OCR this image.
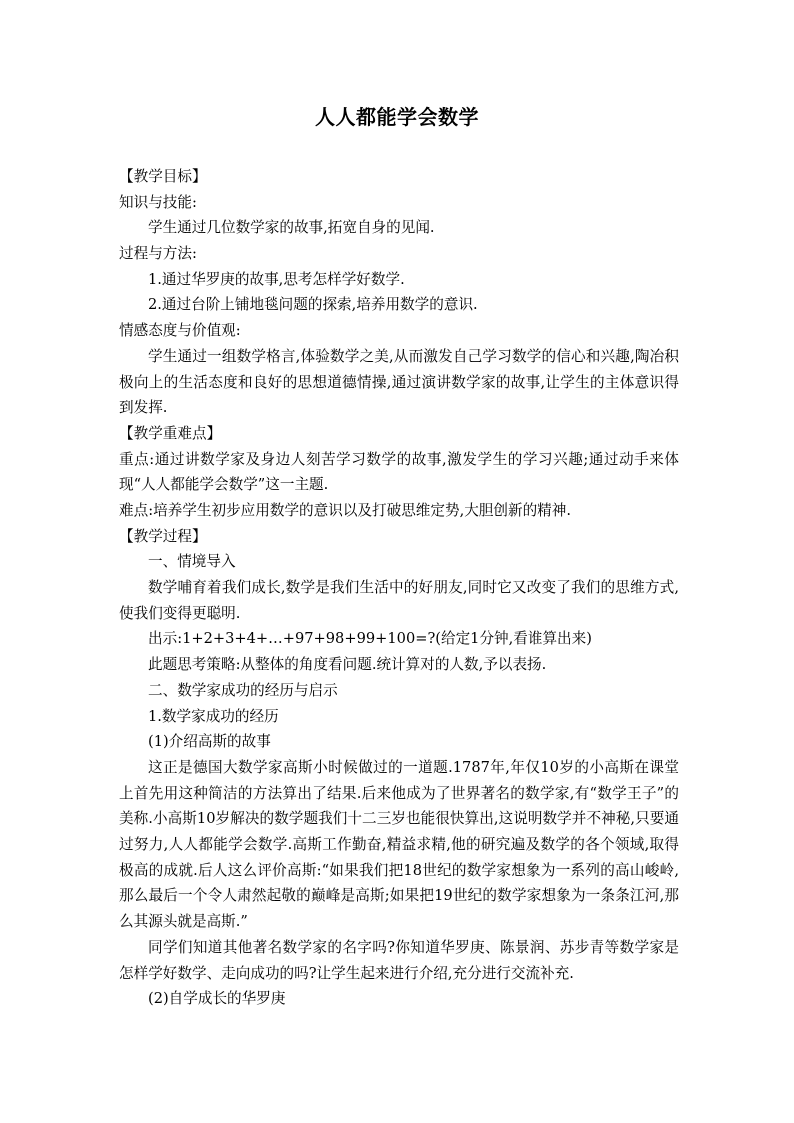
人人都能学会数学
【教学目标】
知识与技能:
学生通过几位数学家的故事,拓宽自身的见闻.
过程与方法:
1.通过华罗庚的故事,思考怎样学好数学.
2.通过台阶上铺地毯问题的探索,培养用数学的意识.
情感态度与价值观:
学生通过一组数学格言,体验数学之美,从而激发自己学习数学的信心和兴趣,陶冶积极向上的生活态度和良好的思想道德情操,通过演讲数学家的故事,让学生的主体意识得到发挥.
【教学重难点】
重点:通过讲数学家及身边人刻苦学习数学的故事,激发学生的学习兴趣;通过动手来体现“人人都能学会数学”这一主题.
难点:培养学生初步应用数学的意识以及打破思维定势,大胆创新的精神.
【教学过程】
一、情境导入
数学哺育着我们成长,数学是我们生活中的好朋友,同时它又改变了我们的思维方式,使我们变得更聪明.
出示:1+2+3+4+…+97+98+99+100=?(给定1分钟,看谁算出来)
此题思考策略:从整体的角度看问题.统计算对的人数,予以表扬.
二、数学家成功的经历与启示
1.数学家成功的经历
(1)介绍高斯的故事
这正是德国大数学家高斯小时候做过的一道题.1787年,年仅10岁的小高斯在课堂上首先用这种简洁的方法算出了结果.后来他成为了世界著名的数学家,有“数学王子”的美称.小高斯10岁解决的数学题我们十二三岁也能很快算出,这说明数学并不神秘,只要通过努力,人人都能学会数学.高斯工作勤奋,精益求精,他的研究遍及数学的各个领域,取得极高的成就.后人这么评价高斯:“如果我们把18世纪的数学家想象为一系列的高山峻岭,那么最后一个令人肃然起敬的巅峰是高斯;如果把19世纪的数学家想象为一条条江河,那么其源头就是高斯.”
同学们知道其他著名数学家的名字吗?你知道华罗庚、陈景润、苏步青等数学家是怎样学好数学、走向成功的吗?让学生起来进行介绍,充分进行交流补充.
(2)自学成长的华罗庚
